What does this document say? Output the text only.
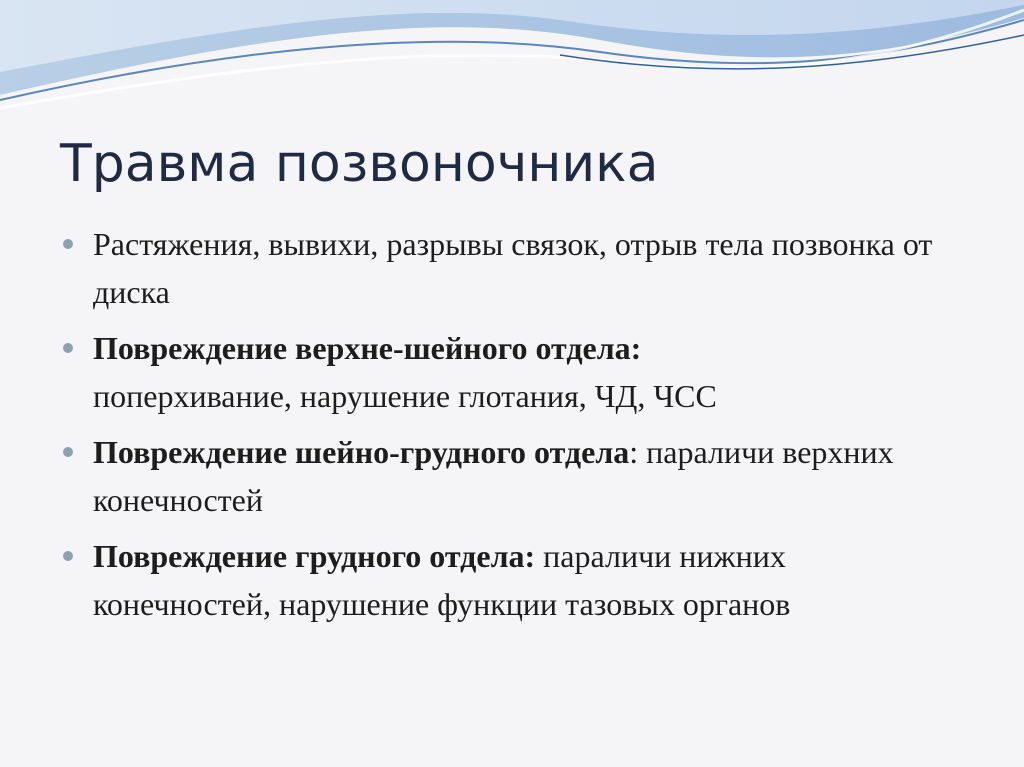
Травма позвоночника
Растяжения, вывихи, разрывы связок, отрыв тела позвонка от диска
Повреждение верхне-шейного отдела:
поперхивание, нарушение глотания, ЧД, ЧСС
Повреждение шейно-грудного отдела: параличи верхних конечностей
Повреждение грудного отдела: параличи нижних конечностей, нарушение функции тазовых органов
